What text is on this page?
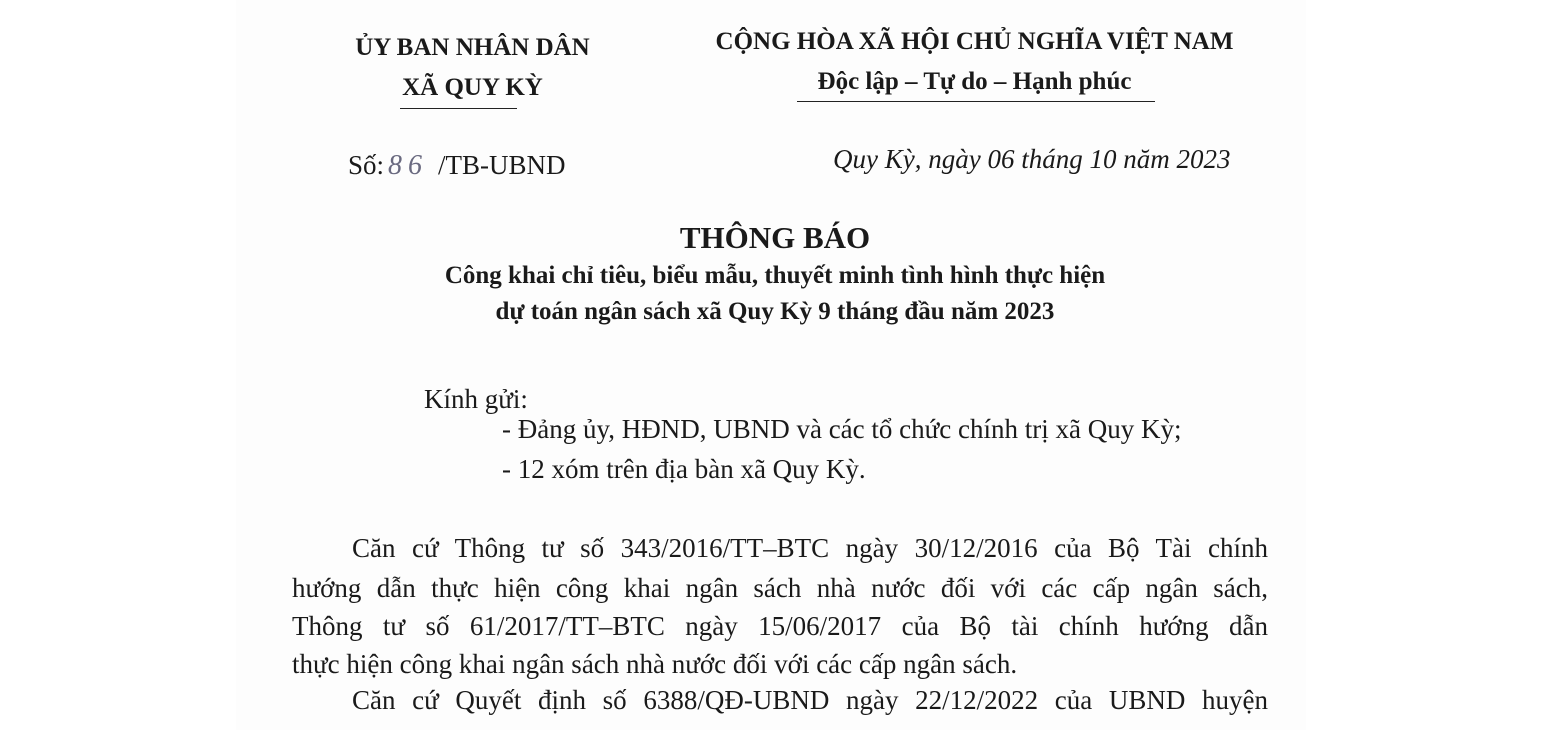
ỦY BAN NHÂN DÂN
XÃ QUY KỲ
CỘNG HÒA XÃ HỘI CHỦ NGHĨA VIỆT NAM
Độc lập – Tự do – Hạnh phúc
Số: 86 /TB-UBND	Quy Kỳ, ngày 06 tháng 10 năm 2023
THÔNG BÁO
Công khai chỉ tiêu, biểu mẫu, thuyết minh tình hình thực hiện
dự toán ngân sách xã Quy Kỳ 9 tháng đầu năm 2023
Kính gửi:
- Đảng ủy, HĐND, UBND và các tổ chức chính trị xã Quy Kỳ;
- 12 xóm trên địa bàn xã Quy Kỳ.
Căn cứ Thông tư số 343/2016/TT–BTC ngày 30/12/2016 của Bộ Tài chính
hướng dẫn thực hiện công khai ngân sách nhà nước đối với các cấp ngân sách,
Thông tư số 61/2017/TT–BTC ngày 15/06/2017 của Bộ tài chính hướng dẫn
thực hiện công khai ngân sách nhà nước đối với các cấp ngân sách.
Căn cứ Quyết định số 6388/QĐ-UBND ngày 22/12/2022 của UBND huyện
